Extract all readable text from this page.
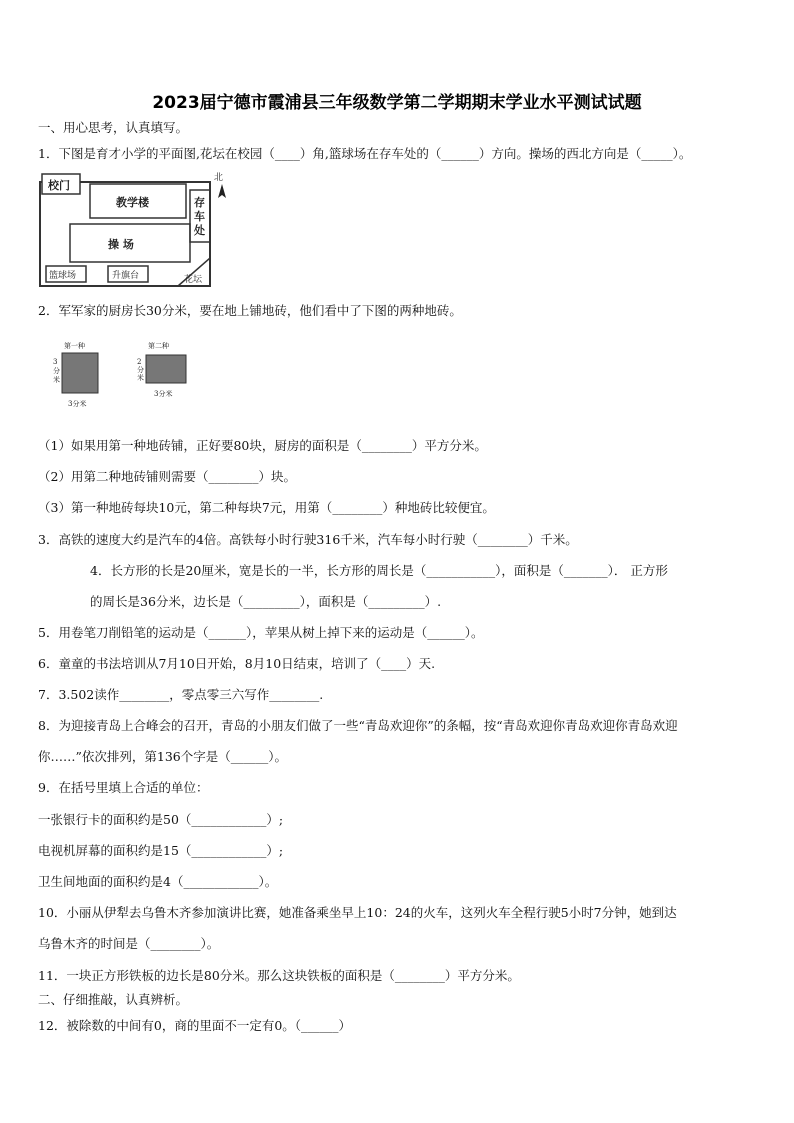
2023届宁德市霞浦县三年级数学第二学期期末学业水平测试试题
一、用心思考，认真填写。
1．下图是育才小学的平面图,花坛在校园（____）角,篮球场在存车处的（______）方向。操场的西北方向是（_____）。
校门
教学楼	存
车
处
操 场
篮球场	升旗台	花坛
北
2．军军家的厨房长30分米，要在地上铺地砖，他们看中了下图的两种地砖。
第一种
3
分
米
3分米
第二种
2
分
米
3分米
（1）如果用第一种地砖铺，正好要80块，厨房的面积是（________）平方分米。
（2）用第二种地砖铺则需要（________）块。
（3）第一种地砖每块10元，第二种每块7元，用第（________）种地砖比较便宜。
3．高铁的速度大约是汽车的4倍。高铁每小时行驶316千米，汽车每小时行驶（________）千米。
4．长方形的长是20厘米，宽是长的一半，长方形的周长是（___________），面积是（_______）． 正方形
的周长是36分米，边长是（_________），面积是（_________）.
5．用卷笔刀削铅笔的运动是（______），苹果从树上掉下来的运动是（______）。
6．童童的书法培训从7月10日开始，8月10日结束，培训了（____）天.
7．3.502读作________，零点零三六写作________.
8．为迎接青岛上合峰会的召开，青岛的小朋友们做了一些“青岛欢迎你”的条幅，按“青岛欢迎你青岛欢迎你青岛欢迎
你……”依次排列，第136个字是（______）。
9．在括号里填上合适的单位：
一张银行卡的面积约是50（____________）;
电视机屏幕的面积约是15（____________）;
卫生间地面的面积约是4（____________）。
10．小丽从伊犁去乌鲁木齐参加演讲比赛，她准备乘坐早上10：24的火车，这列火车全程行驶5小时7分钟，她到达
乌鲁木齐的时间是（________）。
11．一块正方形铁板的边长是80分米。那么这块铁板的面积是（________）平方分米。
二、仔细推敲，认真辨析。
12．被除数的中间有0，商的里面不一定有0。（______）
